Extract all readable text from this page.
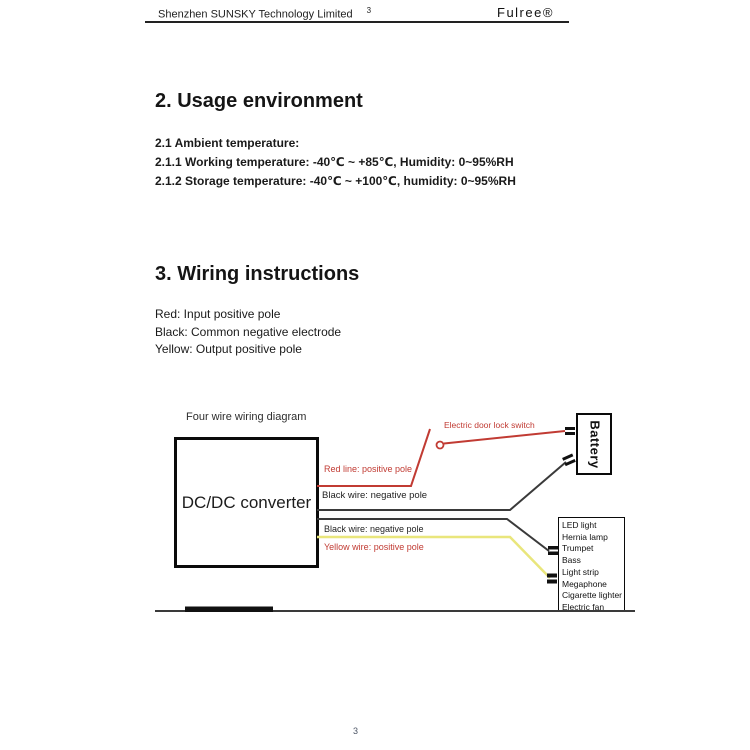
Shenzhen SUNSKY Technology Limited $^3$	Fulree®
2. Usage environment
2.1 Ambient temperature:
2.1.1 Working temperature: -40℃ ~ +85℃, Humidity: 0~95%RH
2.1.2 Storage temperature: -40℃ ~ +100℃, humidity: 0~95%RH
3. Wiring instructions
Red: Input positive pole
Black: Common negative electrode
Yellow: Output positive pole
Four wire wiring diagram
DC/DC converter
Battery
LED light
Hernia lamp
Trumpet
Bass
Light strip
Megaphone
Cigarette lighter
Electric fan
Red line: positive pole
Black wire: negative pole
Black wire: negative pole
Yellow wire: positive pole
Electric door lock switch
3
